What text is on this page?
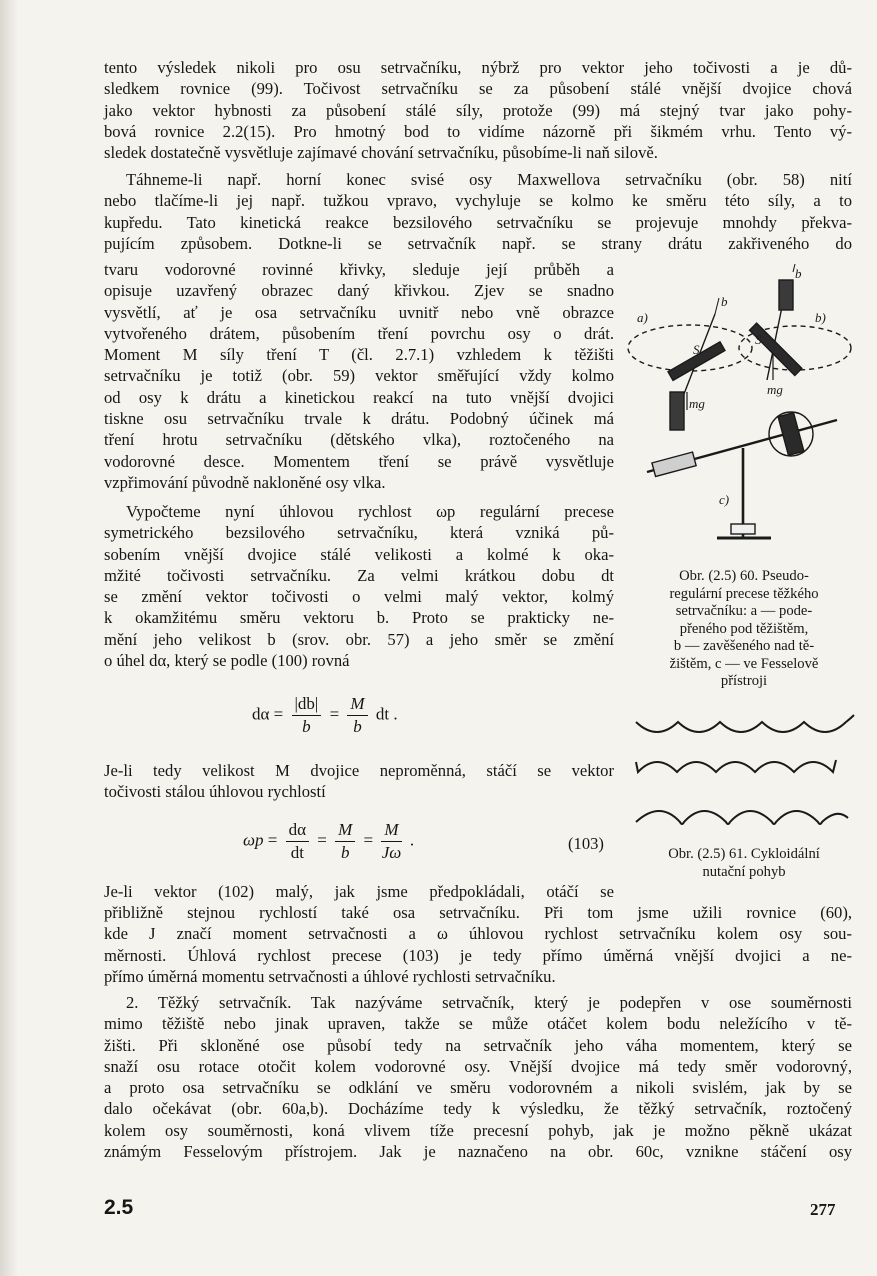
tento výsledek nikoli pro osu setrvačníku, nýbrž pro vektor jeho točivosti a je dů-
sledkem rovnice (99). Točivost setrvačníku se za působení stálé vnější dvojice chová
jako vektor hybnosti za působení stálé síly, protože (99) má stejný tvar jako pohy-
bová rovnice 2.2(15). Pro hmotný bod to vidíme názorně při šikmém vrhu. Tento vý-
sledek dostatečně vysvětluje zajímavé chování setrvačníku, působíme-li naň silově.
Táhneme-li např. horní konec svisé osy Maxwellova setrvačníku (obr. 58) nití
nebo tlačíme-li jej např. tužkou vpravo, vychyluje se kolmo ke směru této síly, a to
kupředu. Tato kinetická reakce bezsilového setrvačníku se projevuje mnohdy překva-
pujícím způsobem. Dotkne-li se setrvačník např. se strany drátu zakřiveného do
tvaru vodorovné rovinné křivky, sleduje její průběh a
opisuje uzavřený obrazec daný křivkou. Zjev se snadno
vysvětlí, ať je osa setrvačníku uvnitř nebo vně obrazce
vytvořeného drátem, působením tření povrchu osy o drát.
Moment M síly tření T (čl. 2.7.1) vzhledem k těžišti
setrvačníku je totiž (obr. 59) vektor směřující vždy kolmo
od osy k drátu a kinetickou reakcí na tuto vnější dvojici
tiskne osu setrvačníku trvale k drátu. Podobný účinek má
tření hrotu setrvačníku (dětského vlka), roztočeného na
vodorovné desce. Momentem tření se právě vysvětluje
vzpřimování původně nakloněné osy vlka.
Vypočteme nyní úhlovou rychlost ωp regulární precese
symetrického bezsilového setrvačníku, která vzniká pů-
sobením vnější dvojice stálé velikosti a kolmé k oka-
mžité točivosti setrvačníku. Za velmi krátkou dobu dt
se změní vektor točivosti o velmi malý vektor, kolmý
k okamžitému směru vektoru b. Proto se prakticky ne-
mění jeho velikost b (srov. obr. 57) a jeho směr se změní
o úhel dα, který se podle (100) rovná
$d\alpha = \frac{|db|}{b} = \frac{M}{b}$ dt .
Je-li tedy velikost M dvojice neproměnná, stáčí se vektor
točivosti stálou úhlovou rychlostí
$\omega p = \frac{d\alpha}{dt} = \frac{M}{b} = \frac{M}{J\omega}$ .	(103)
Je-li vektor (102) malý, jak jsme předpokládali, otáčí se
přibližně stejnou rychlostí také osa setrvačníku. Při tom jsme užili rovnice (60),
kde J značí moment setrvačnosti a ω úhlovou rychlost setrvačníku kolem osy sou-
měrnosti. Úhlová rychlost precese (103) je tedy přímo úměrná vnější dvojici a ne-
přímo úměrná momentu setrvačnosti a úhlové rychlosti setrvačníku.
2. Těžký setrvačník. Tak nazýváme setrvačník, který je podepřen v ose souměrnosti
mimo těžiště nebo jinak upraven, takže se může otáčet kolem bodu neležícího v tě-
žišti. Při skloněné ose působí tedy na setrvačník jeho váha momentem, který se
snaží osu rotace otočit kolem vodorovné osy. Vnější dvojice má tedy směr vodorovný,
a proto osa setrvačníku se odklání ve směru vodorovném a nikoli svislém, jak by se
dalo očekávat (obr. 60a,b). Docházíme tedy k výsledku, že těžký setrvačník, roztočený
kolem osy souměrnosti, koná vlivem tíže precesní pohyb, jak je možno pěkně ukázat
známým Fesselovým přístrojem. Jak je naznačeno na obr. 60c, vznikne stáčení osy
a)	b)
c)
b
b
S
S
mg
mg
Obr. (2.5) 60. Pseudo-
regulární precese těžkého
setrvačníku: a — pode-
přeného pod těžištěm,
b — zavěšeného nad tě-
žištěm, c — ve Fesselově
přístroji
Obr. (2.5) 61. Cykloidální
nutační pohyb
2.5	277
